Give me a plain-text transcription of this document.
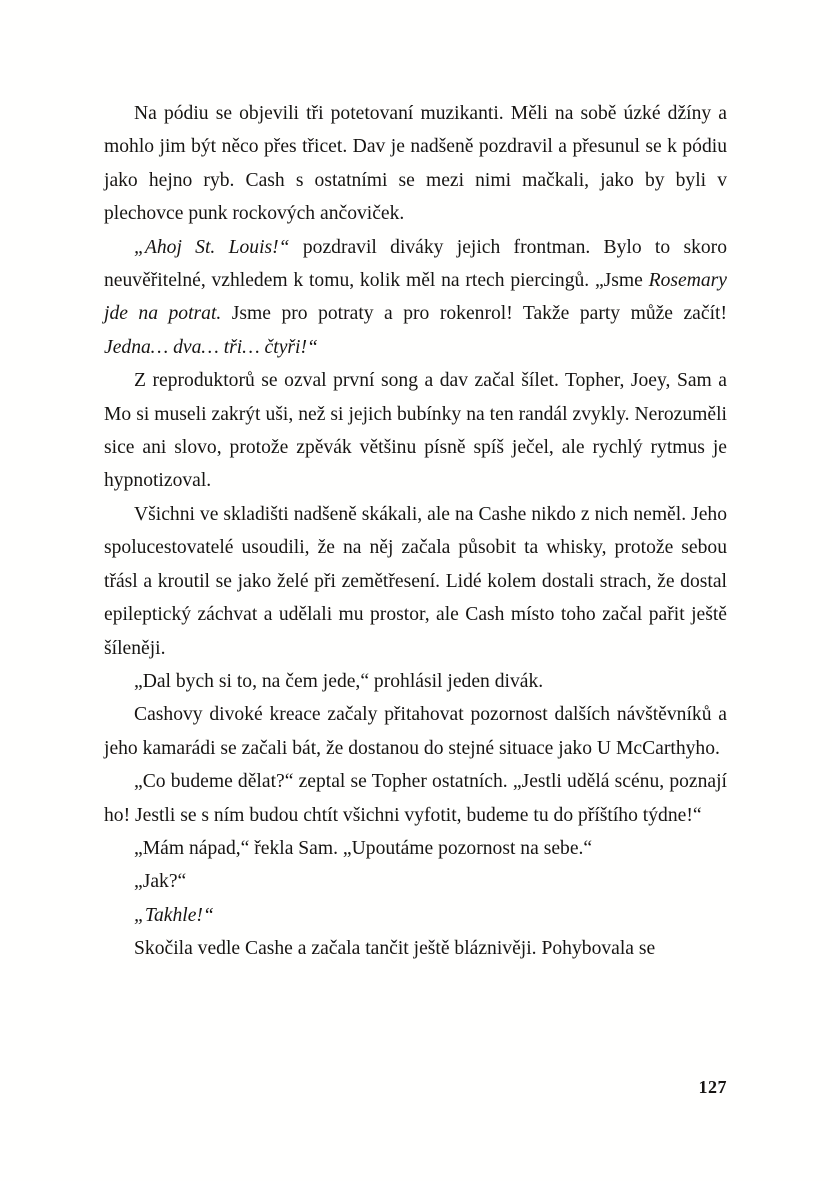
Na pódiu se objevili tři potetovaní muzikanti. Měli na sobě úzké džíny a mohlo jim být něco přes třicet. Dav je nadšeně pozdravil a přesunul se k pódiu jako hejno ryb. Cash s ostatními se mezi nimi mačkali, jako by byli v plechovce punk rockových ančoviček.

„Ahoj St. Louis!“ pozdravil diváky jejich frontman. Bylo to skoro neuvěřitelné, vzhledem k tomu, kolik měl na rtech piercingů. „Jsme Rosemary jde na potrat. Jsme pro potraty a pro rokenrol! Takže party může začít! Jedna… dva… tři… čtyři!“

Z reproduktorů se ozval první song a dav začal šílet. Topher, Joey, Sam a Mo si museli zakrýt uši, než si jejich bubínky na ten randál zvykly. Nerozuměli sice ani slovo, protože zpěvák většinu písně spíš ječel, ale rychlý rytmus je hypnotizoval.

Všichni ve skladišti nadšeně skákali, ale na Cashe nikdo z nich neměl. Jeho spolucestovatelé usoudili, že na něj začala působit ta whisky, protože sebou třásl a kroutil se jako želé při zemětřesení. Lidé kolem dostali strach, že dostal epileptický záchvat a udělali mu prostor, ale Cash místo toho začal pařit ještě šíleněji.

„Dal bych si to, na čem jede,“ prohlásil jeden divák.

Cashovy divoké kreace začaly přitahovat pozornost dalších návštěvníků a jeho kamarádi se začali bát, že dostanou do stejné situace jako U McCarthyho.

„Co budeme dělat?“ zeptal se Topher ostatních. „Jestli udělá scénu, poznají ho! Jestli se s ním budou chtít všichni vyfotit, budeme tu do příštího týdne!“

„Mám nápad,“ řekla Sam. „Upoutáme pozornost na sebe.“

„Jak?“

„Takhle!“

Skočila vedle Cashe a začala tančit ještě bláznivěji. Pohybovala se

127
